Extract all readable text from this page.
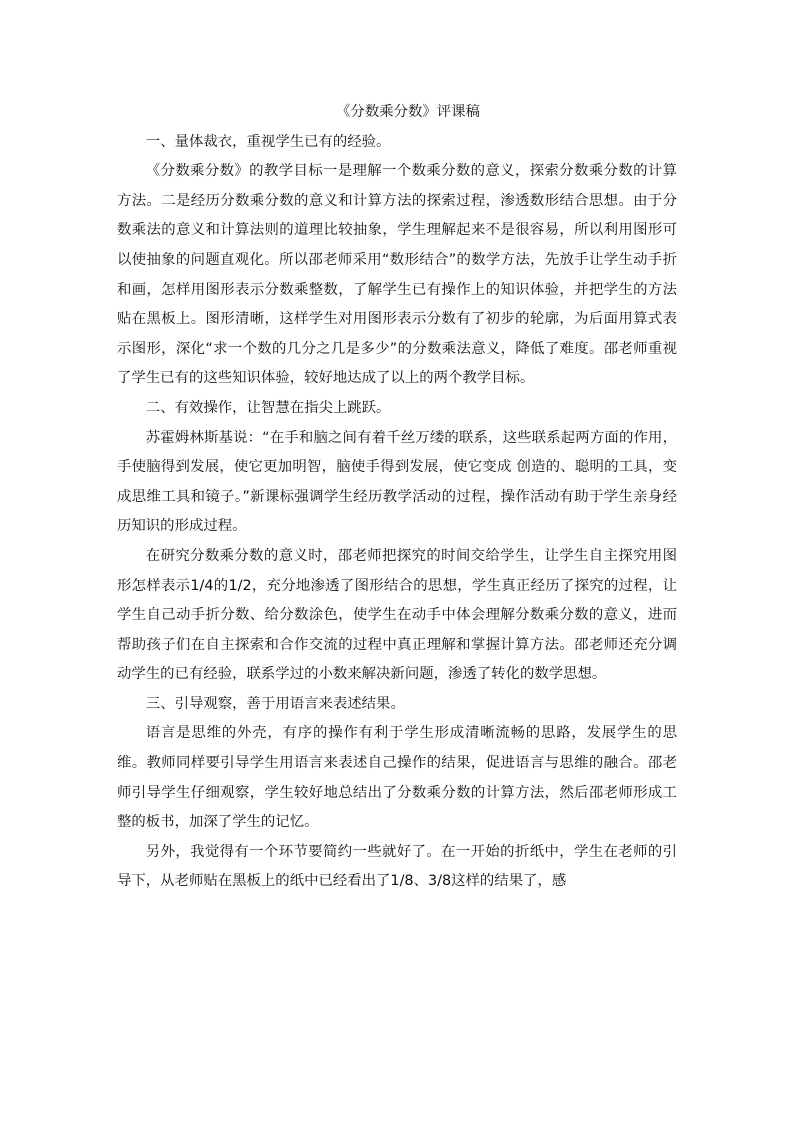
《分数乘分数》评课稿

一、量体裁衣，重视学生已有的经验。

《分数乘分数》的教学目标一是理解一个数乘分数的意义，探索分数乘分数的计算方法。二是经历分数乘分数的意义和计算方法的探索过程，渗透数形结合思想。由于分数乘法的意义和计算法则的道理比较抽象，学生理解起来不是很容易，所以利用图形可以使抽象的问题直观化。所以邵老师采用“数形结合”的数学方法，先放手让学生动手折和画，怎样用图形表示分数乘整数，了解学生已有操作上的知识体验，并把学生的方法贴在黑板上。图形清晰，这样学生对用图形表示分数有了初步的轮廓，为后面用算式表示图形，深化“求一个数的几分之几是多少”的分数乘法意义，降低了难度。邵老师重视了学生已有的这些知识体验，较好地达成了以上的两个教学目标。

二、有效操作，让智慧在指尖上跳跃。

苏霍姆林斯基说：“在手和脑之间有着千丝万缕的联系，这些联系起两方面的作用，手使脑得到发展，使它更加明智，脑使手得到发展，使它变成 创造的、聪明的工具，变成思维工具和镜子。”新课标强调学生经历教学活动的过程，操作活动有助于学生亲身经历知识的形成过程。

在研究分数乘分数的意义时，邵老师把探究的时间交给学生，让学生自主探究用图形怎样表示1/4的1/2，充分地渗透了图形结合的思想，学生真正经历了探究的过程，让学生自己动手折分数、给分数涂色，使学生在动手中体会理解分数乘分数的意义，进而帮助孩子们在自主探索和合作交流的过程中真正理解和掌握计算方法。邵老师还充分调动学生的已有经验，联系学过的小数来解决新问题，渗透了转化的数学思想。

三、引导观察，善于用语言来表述结果。

语言是思维的外壳，有序的操作有利于学生形成清晰流畅的思路，发展学生的思维。教师同样要引导学生用语言来表述自己操作的结果，促进语言与思维的融合。邵老师引导学生仔细观察，学生较好地总结出了分数乘分数的计算方法，然后邵老师形成工整的板书，加深了学生的记忆。

另外，我觉得有一个环节要简约一些就好了。在一开始的折纸中，学生在老师的引导下，从老师贴在黑板上的纸中已经看出了1/8、3/8这样的结果了，感
